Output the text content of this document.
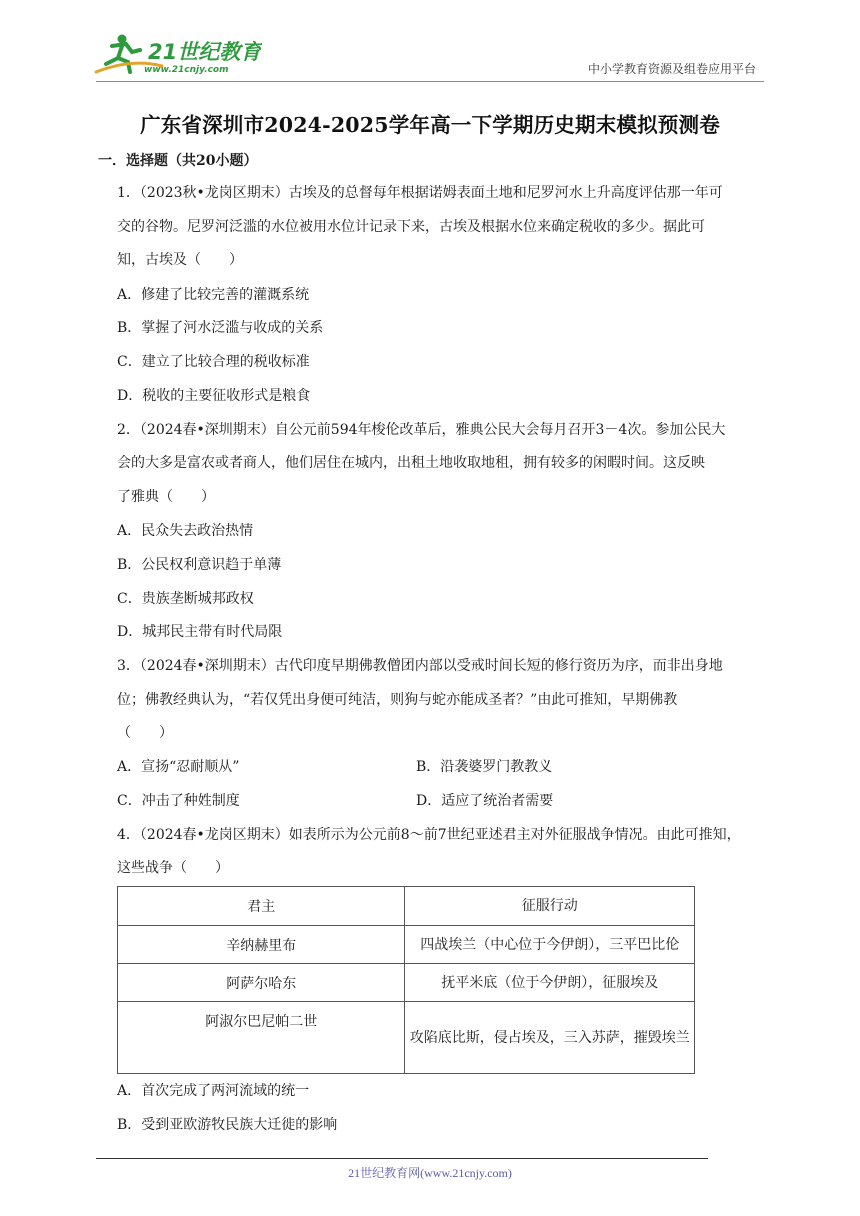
21世纪教育
www.21cnjy.com	中小学教育资源及组卷应用平台
广东省深圳市2024-2025学年高一下学期历史期末模拟预测卷
一．选择题（共20小题）
1．（2023秋•龙岗区期末）古埃及的总督每年根据诺姆表面土地和尼罗河水上升高度评估那一年可
交的谷物。尼罗河泛滥的水位被用水位计记录下来，古埃及根据水位来确定税收的多少。据此可
知，古埃及（　　）
A．修建了比较完善的灌溉系统
B．掌握了河水泛滥与收成的关系
C．建立了比较合理的税收标准
D．税收的主要征收形式是粮食
2．（2024春•深圳期末）自公元前594年梭伦改革后，雅典公民大会每月召开3－4次。参加公民大
会的大多是富农或者商人，他们居住在城内，出租土地收取地租，拥有较多的闲暇时间。这反映
了雅典（　　）
A．民众失去政治热情
B．公民权利意识趋于单薄
C．贵族垄断城邦政权
D．城邦民主带有时代局限
3．（2024春•深圳期末）古代印度早期佛教僧团内部以受戒时间长短的修行资历为序，而非出身地
位；佛教经典认为，“若仅凭出身便可纯洁，则狗与蛇亦能成圣者？”由此可推知，早期佛教
（　　）
A．宣扬“忍耐顺从”	B．沿袭婆罗门教教义
C．冲击了种姓制度	D．适应了统治者需要
4．（2024春•龙岗区期末）如表所示为公元前8～前7世纪亚述君主对外征服战争情况。由此可推知，
这些战争（　　）
君主	征服行动
辛纳赫里布	四战埃兰（中心位于今伊朗），三平巴比伦
阿萨尔哈东	抚平米底（位于今伊朗），征服埃及
阿淑尔巴尼帕二世	攻陷底比斯，侵占埃及，三入苏萨，摧毁埃兰
A．首次完成了两河流域的统一
B．受到亚欧游牧民族大迁徙的影响
21世纪教育网(www.21cnjy.com)
